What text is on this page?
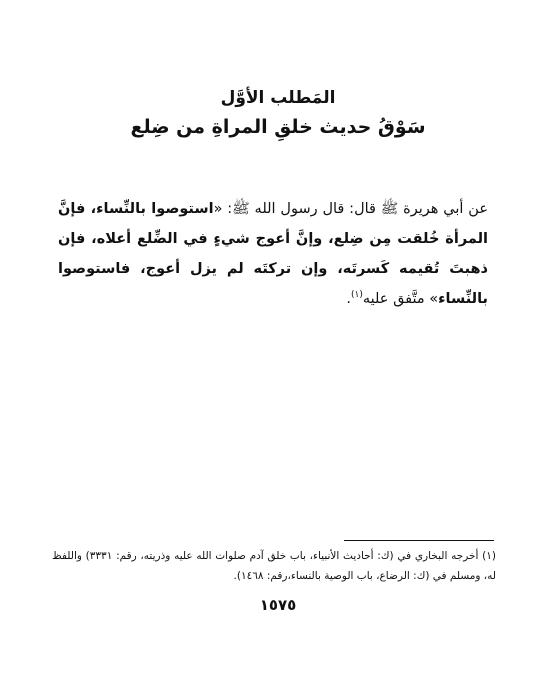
المَطلب الأوَّل
سَوْقُ حديث خلقِ المراةِ من ضِلع

عن أبي هريرة ﷺ قال: قال رسول الله ﷺ: «استوصوا بالنِّساء، فإنَّ المرأة خُلقت مِن ضِلع، وإنَّ أعوج شيءٍ في الضِّلع أعلاه، فإن ذهبتَ تُقيمه كَسرتَه، وإن تركتَه لم يزل أعوج، فاستوصوا بالنِّساء» متَّفق عليه$^{(١)}$.

(١) أخرجه البخاري في (ك: أحاديث الأنبياء، باب خلق آدم صلوات الله عليه وذريته، رقم: ٣٣٣١) واللفظ له، ومسلم في (ك: الرضاع، باب الوصية بالنساء،رقم: ١٤٦٨).

١٥٧٥
